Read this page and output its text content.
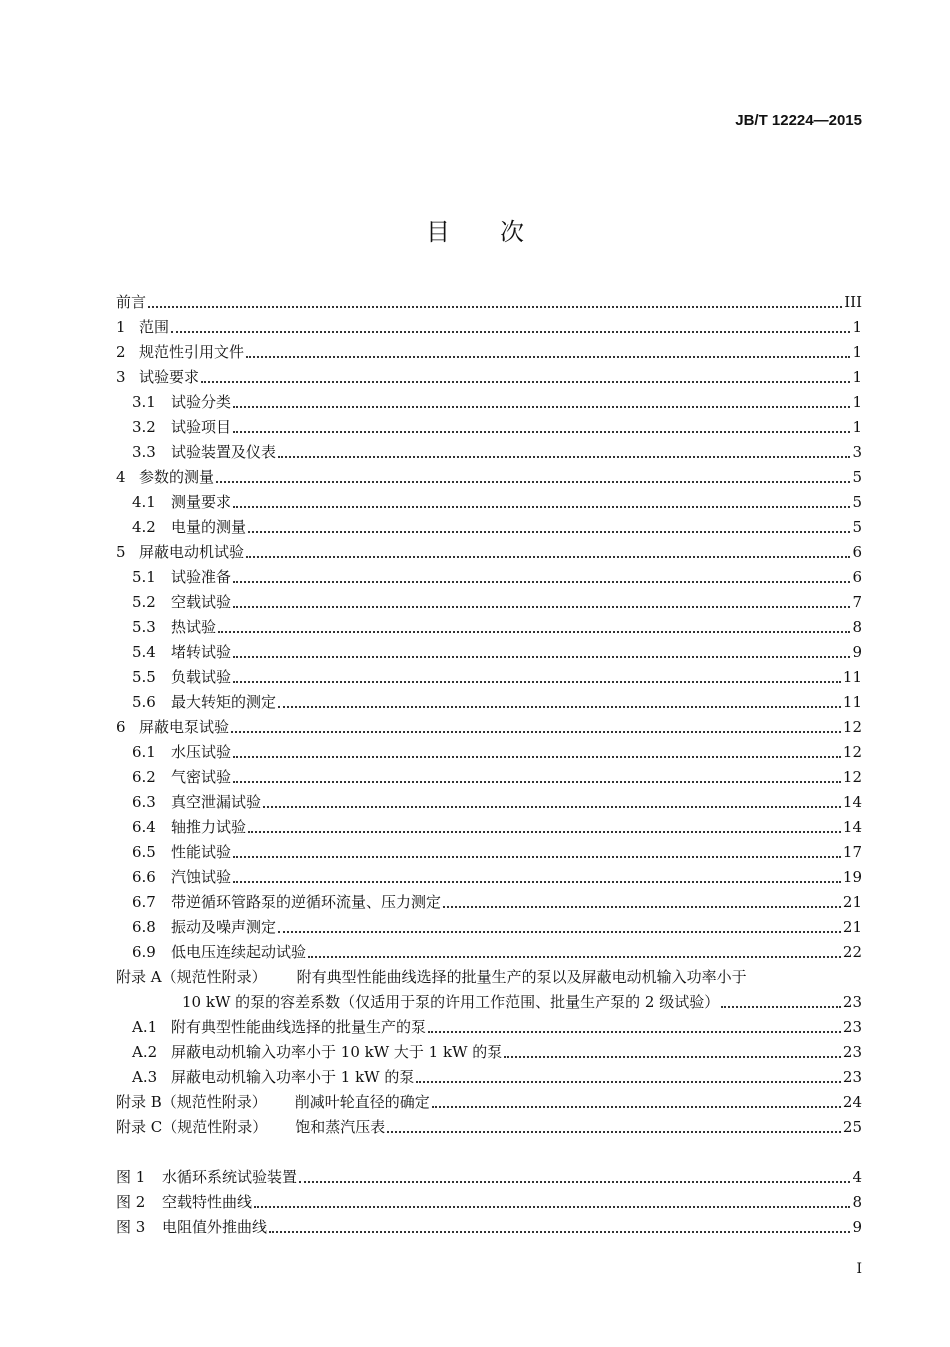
JB/T 12224—2015
目次
前言	III
1 范围	1
2 规范性引用文件	1
3 试验要求	1
3.1	试验分类	1
3.2	试验项目	1
3.3	试验装置及仪表	3
4 参数的测量	5
4.1	测量要求	5
4.2	电量的测量	5
5 屏蔽电动机试验	6
5.1	试验准备	6
5.2	空载试验	7
5.3	热试验	8
5.4	堵转试验	9
5.5	负载试验	11
5.6	最大转矩的测定	11
6 屏蔽电泵试验	12
6.1	水压试验	12
6.2	气密试验	12
6.3	真空泄漏试验	14
6.4	轴推力试验	14
6.5	性能试验	17
6.6	汽蚀试验	19
6.7	带逆循环管路泵的逆循环流量、压力测定	21
6.8	振动及噪声测定	21
6.9	低电压连续起动试验	22
附录 A（规范性附录） 附有典型性能曲线选择的批量生产的泵以及屏蔽电动机输入功率小于
10 kW 的泵的容差系数（仅适用于泵的许用工作范围、批量生产泵的 2 级试验）	23
A.1 附有典型性能曲线选择的批量生产的泵	23
A.2 屏蔽电动机输入功率小于 10 kW 大于 1 kW 的泵	23
A.3 屏蔽电动机输入功率小于 1 kW 的泵	23
附录 B（规范性附录） 削减叶轮直径的确定	24
附录 C（规范性附录） 饱和蒸汽压表	25
图 1	水循环系统试验装置	4
图 2	空载特性曲线	8
图 3	电阻值外推曲线	9
I
